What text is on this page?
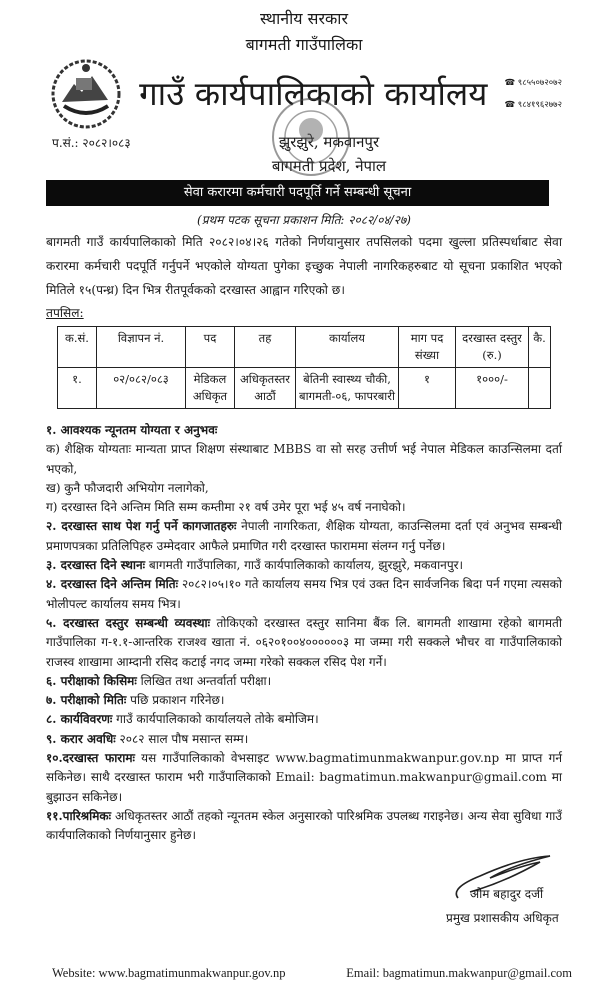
स्थानीय सरकार
बागमती गाउँपालिका
गाउँ कार्यपालिकाको कार्यालय	☎ ९८५५०७२०७२
☎ ९८४१९६२७७२
प.सं.: २०८२।०८३	झुरझुरे, मकवानपुर
बागमती प्रदेश, नेपाल
सेवा करारमा कर्मचारी पदपूर्ति गर्ने सम्बन्धी सूचना
(प्रथम पटक सूचना प्रकाशन मिति: २०८२/०४/२७)
बागमती गाउँ कार्यपालिकाको मिति २०८२।०४।२६ गतेको निर्णयानुसार तपसिलको पदमा खुल्ला प्रतिस्पर्धाबाट सेवा करारमा कर्मचारी पदपूर्ति गर्नुपर्ने भएकोले योग्यता पुगेका इच्छुक नेपाली नागरिकहरुबाट यो सूचना प्रकाशित भएको मितिले १५(पन्ध्र) दिन भित्र रीतपूर्वकको दरखास्त आह्वान गरिएको छ।
तपसिल:
क.सं.	विज्ञापन नं.	पद	तह	कार्यालय	माग पद संख्या	दरखास्त दस्तुर (रु.)	कै.
१.	०२/०८२/०८३	मेडिकल अधिकृत	अधिकृतस्तर आठौं	बेतिनी स्वास्थ्य चौकी, बागमती-०६, फापरबारी	१	१०००/-	
१. आवश्यक न्यूनतम योग्यता र अनुभवः
क) शैक्षिक योग्यताः मान्यता प्राप्त शिक्षण संस्थाबाट MBBS वा सो सरह उत्तीर्ण भई नेपाल मेडिकल काउन्सिलमा दर्ता भएको,
ख) कुनै फौजदारी अभियोग नलागेको,
ग) दरखास्त दिने अन्तिम मिति सम्म कम्तीमा २१ वर्ष उमेर पूरा भई ४५ वर्ष ननाघेको।
२. दरखास्त साथ पेश गर्नु पर्ने कागजातहरुः नेपाली नागरिकता, शैक्षिक योग्यता, काउन्सिलमा दर्ता एवं अनुभव सम्बन्धी प्रमाणपत्रका प्रतिलिपिहरु उम्मेदवार आफैले प्रमाणित गरी दरखास्त फाराममा संलग्न गर्नु पर्नेछ।
३. दरखास्त दिने स्थानः बागमती गाउँपालिका, गाउँ कार्यपालिकाको कार्यालय, झुरझुरे, मकवानपुर।
४. दरखास्त दिने अन्तिम मितिः २०८२।०५।१० गते कार्यालय समय भित्र एवं उक्त दिन सार्वजनिक बिदा पर्न गएमा त्यसको भोलीपल्ट कार्यालय समय भित्र।
५. दरखास्त दस्तुर सम्बन्धी व्यवस्थाः तोकिएको दरखास्त दस्तुर सानिमा बैंक लि. बागमती शाखामा रहेको बागमती गाउँपालिका ग-१.१-आन्तरिक राजश्व खाता नं. ०६२०१००४००००००३ मा जम्मा गरी सक्कले भौचर वा गाउँपालिकाको राजस्व शाखामा आम्दानी रसिद कटाई नगद जम्मा गरेको सक्कल रसिद पेश गर्ने।
६. परीक्षाको किसिमः लिखित तथा अन्तर्वार्ता परीक्षा।
७. परीक्षाको मितिः पछि प्रकाशन गरिनेछ।
८. कार्यविवरणः गाउँ कार्यपालिकाको कार्यालयले तोके बमोजिम।
९. करार अवधिः २०८२ साल पौष मसान्त सम्म।
१०.दरखास्त फारामः यस गाउँपालिकाको वेभसाइट www.bagmatimunmakwanpur.gov.np मा प्राप्त गर्न सकिनेछ। साथै दरखास्त फाराम भरी गाउँपालिकाको Email: bagmatimun.makwanpur@gmail.com मा बुझाउन सकिनेछ।
११.पारिश्रमिकः अधिकृतस्तर आठौं तहको न्यूनतम स्केल अनुसारको पारिश्रमिक उपलब्ध गराइनेछ। अन्य सेवा सुविधा गाउँ कार्यपालिकाको निर्णयानुसार हुनेछ।
ओम बहादुर दर्जी
प्रमुख प्रशासकीय अधिकृत
Website: www.bagmatimunmakwanpur.gov.np	Email: bagmatimun.makwanpur@gmail.com
